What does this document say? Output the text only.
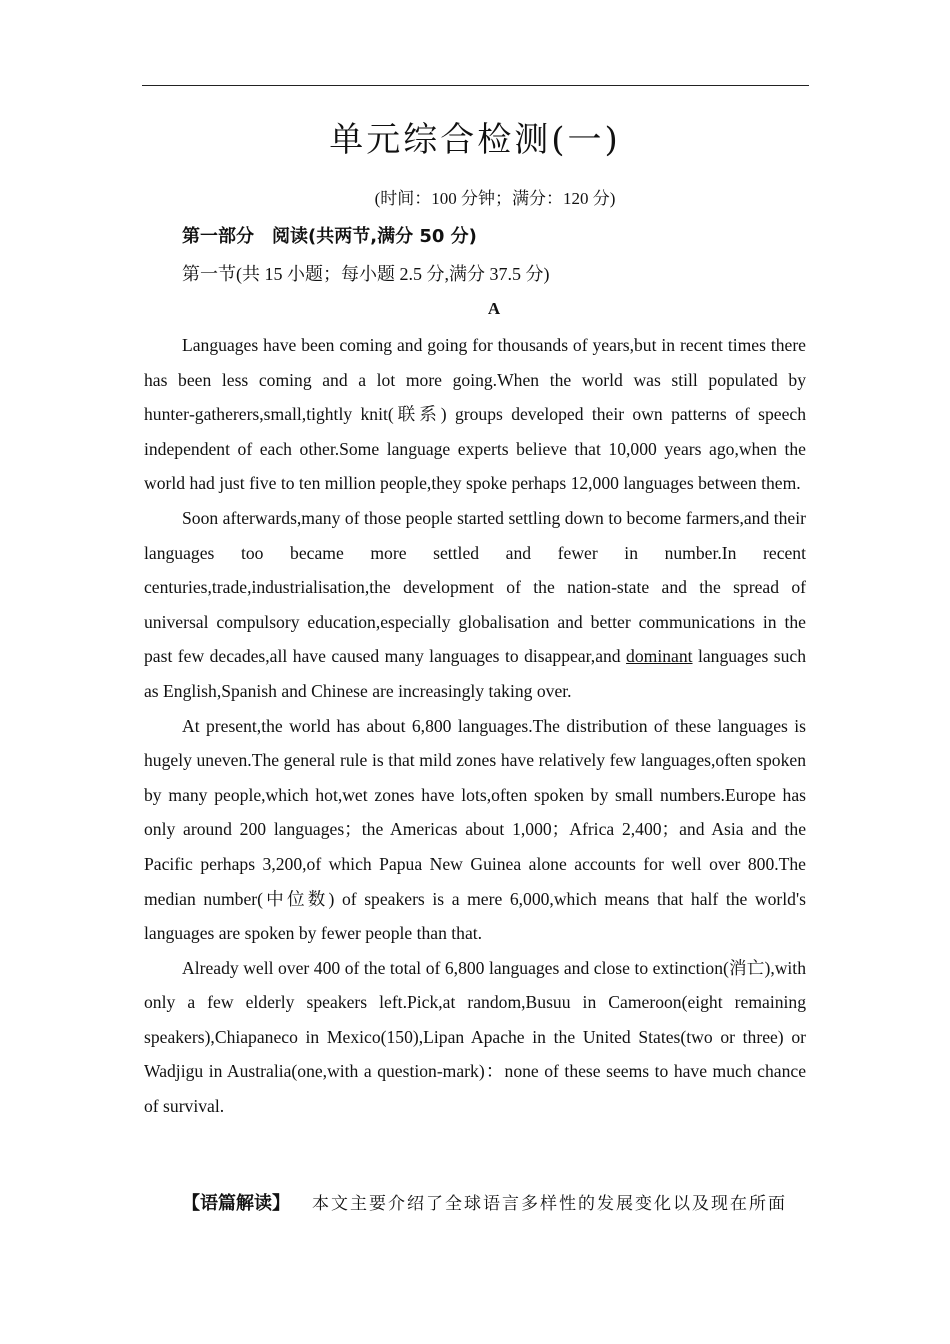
单元综合检测(一)
(时间：100 分钟；满分：120 分)
第一部分 阅读(共两节,满分 50 分)
第一节(共 15 小题；每小题 2.5 分,满分 37.5 分)
A

Languages have been coming and going for thousands of years,but in recent times there has been less coming and a lot more going.When the world was still populated by hunter‑gatherers,small,tightly knit(联系) groups developed their own patterns of speech independent of each other.Some language experts believe that 10,000 years ago,when the world had just five to ten million people,they spoke perhaps 12,000 languages between them.

Soon afterwards,many of those people started settling down to become farmers,and their languages too became more settled and fewer in number.In recent centuries,trade,industrialisation,the development of the nation‑state and the spread of universal compulsory education,especially globalisation and better communications in the past few decades,all have caused many languages to disappear,and dominant languages such as English,Spanish and Chinese are increasingly taking over.

At present,the world has about 6,800 languages.The distribution of these languages is hugely uneven.The general rule is that mild zones have relatively few languages,often spoken by many people,which hot,wet zones have lots,often spoken by small numbers.Europe has only around 200 languages；the Americas about 1,000；Africa 2,400；and Asia and the Pacific perhaps 3,200,of which Papua New Guinea alone accounts for well over 800.The median number(中位数) of speakers is a mere 6,000,which means that half the world's languages are spoken by fewer people than that.

Already well over 400 of the total of 6,800 languages and close to extinction(消亡),with only a few elderly speakers left.Pick,at random,Busuu in Cameroon(eight remaining speakers),Chiapaneco in Mexico(150),Lipan Apache in the United States(two or three) or Wadjigu in Australia(one,with a question‑mark)：none of these seems to have much chance of survival.

【语篇解读】 本文主要介绍了全球语言多样性的发展变化以及现在所面
